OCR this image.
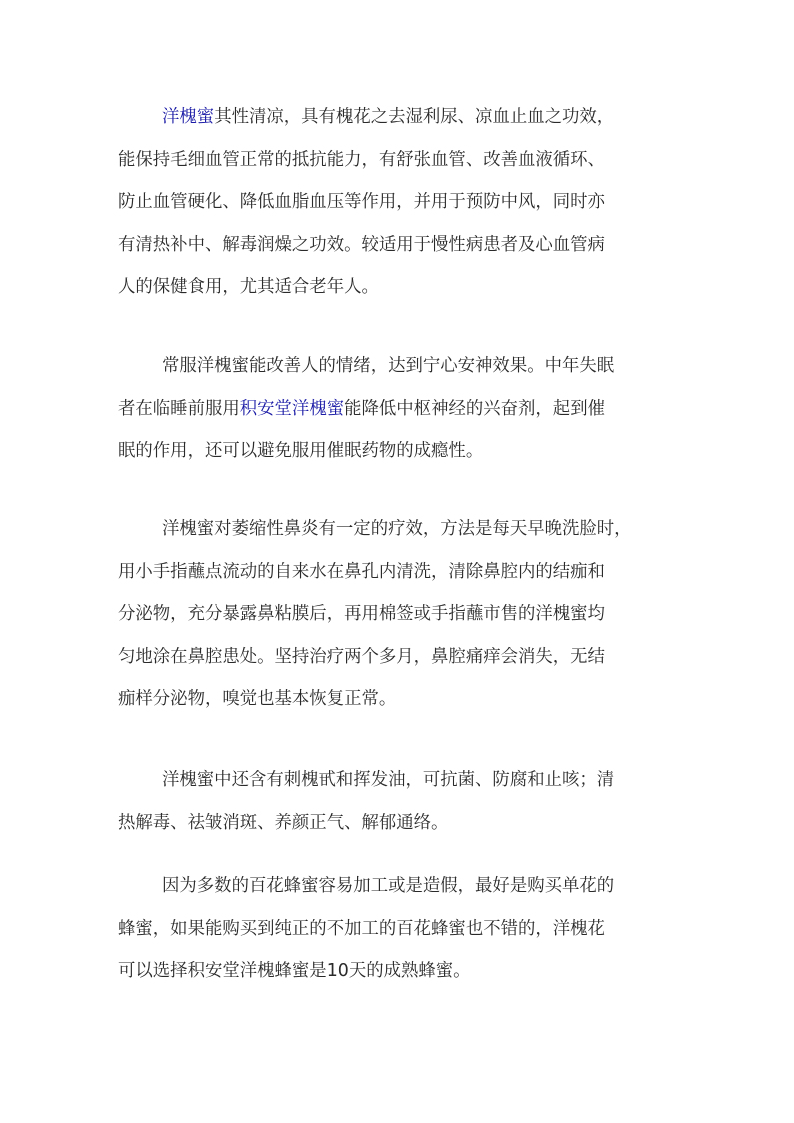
洋槐蜜其性清凉，具有槐花之去湿利尿、凉血止血之功效，
能保持毛细血管正常的抵抗能力，有舒张血管、改善血液循环、
防止血管硬化、降低血脂血压等作用，并用于预防中风，同时亦
有清热补中、解毒润燥之功效。较适用于慢性病患者及心血管病
人的保健食用，尤其适合老年人。

常服洋槐蜜能改善人的情绪，达到宁心安神效果。中年失眠
者在临睡前服用积安堂洋槐蜜能降低中枢神经的兴奋剂，起到催
眠的作用，还可以避免服用催眠药物的成瘾性。

洋槐蜜对萎缩性鼻炎有一定的疗效，方法是每天早晚洗脸时，
用小手指蘸点流动的自来水在鼻孔内清洗，清除鼻腔内的结痂和
分泌物，充分暴露鼻粘膜后，再用棉签或手指蘸市售的洋槐蜜均
匀地涂在鼻腔患处。坚持治疗两个多月，鼻腔痛痒会消失，无结
痂样分泌物，嗅觉也基本恢复正常。

洋槐蜜中还含有刺槐甙和挥发油，可抗菌、防腐和止咳；清
热解毒、祛皱消斑、养颜正气、解郁通络。

因为多数的百花蜂蜜容易加工或是造假，最好是购买单花的
蜂蜜，如果能购买到纯正的不加工的百花蜂蜜也不错的，洋槐花
可以选择积安堂洋槐蜂蜜是10天的成熟蜂蜜。
